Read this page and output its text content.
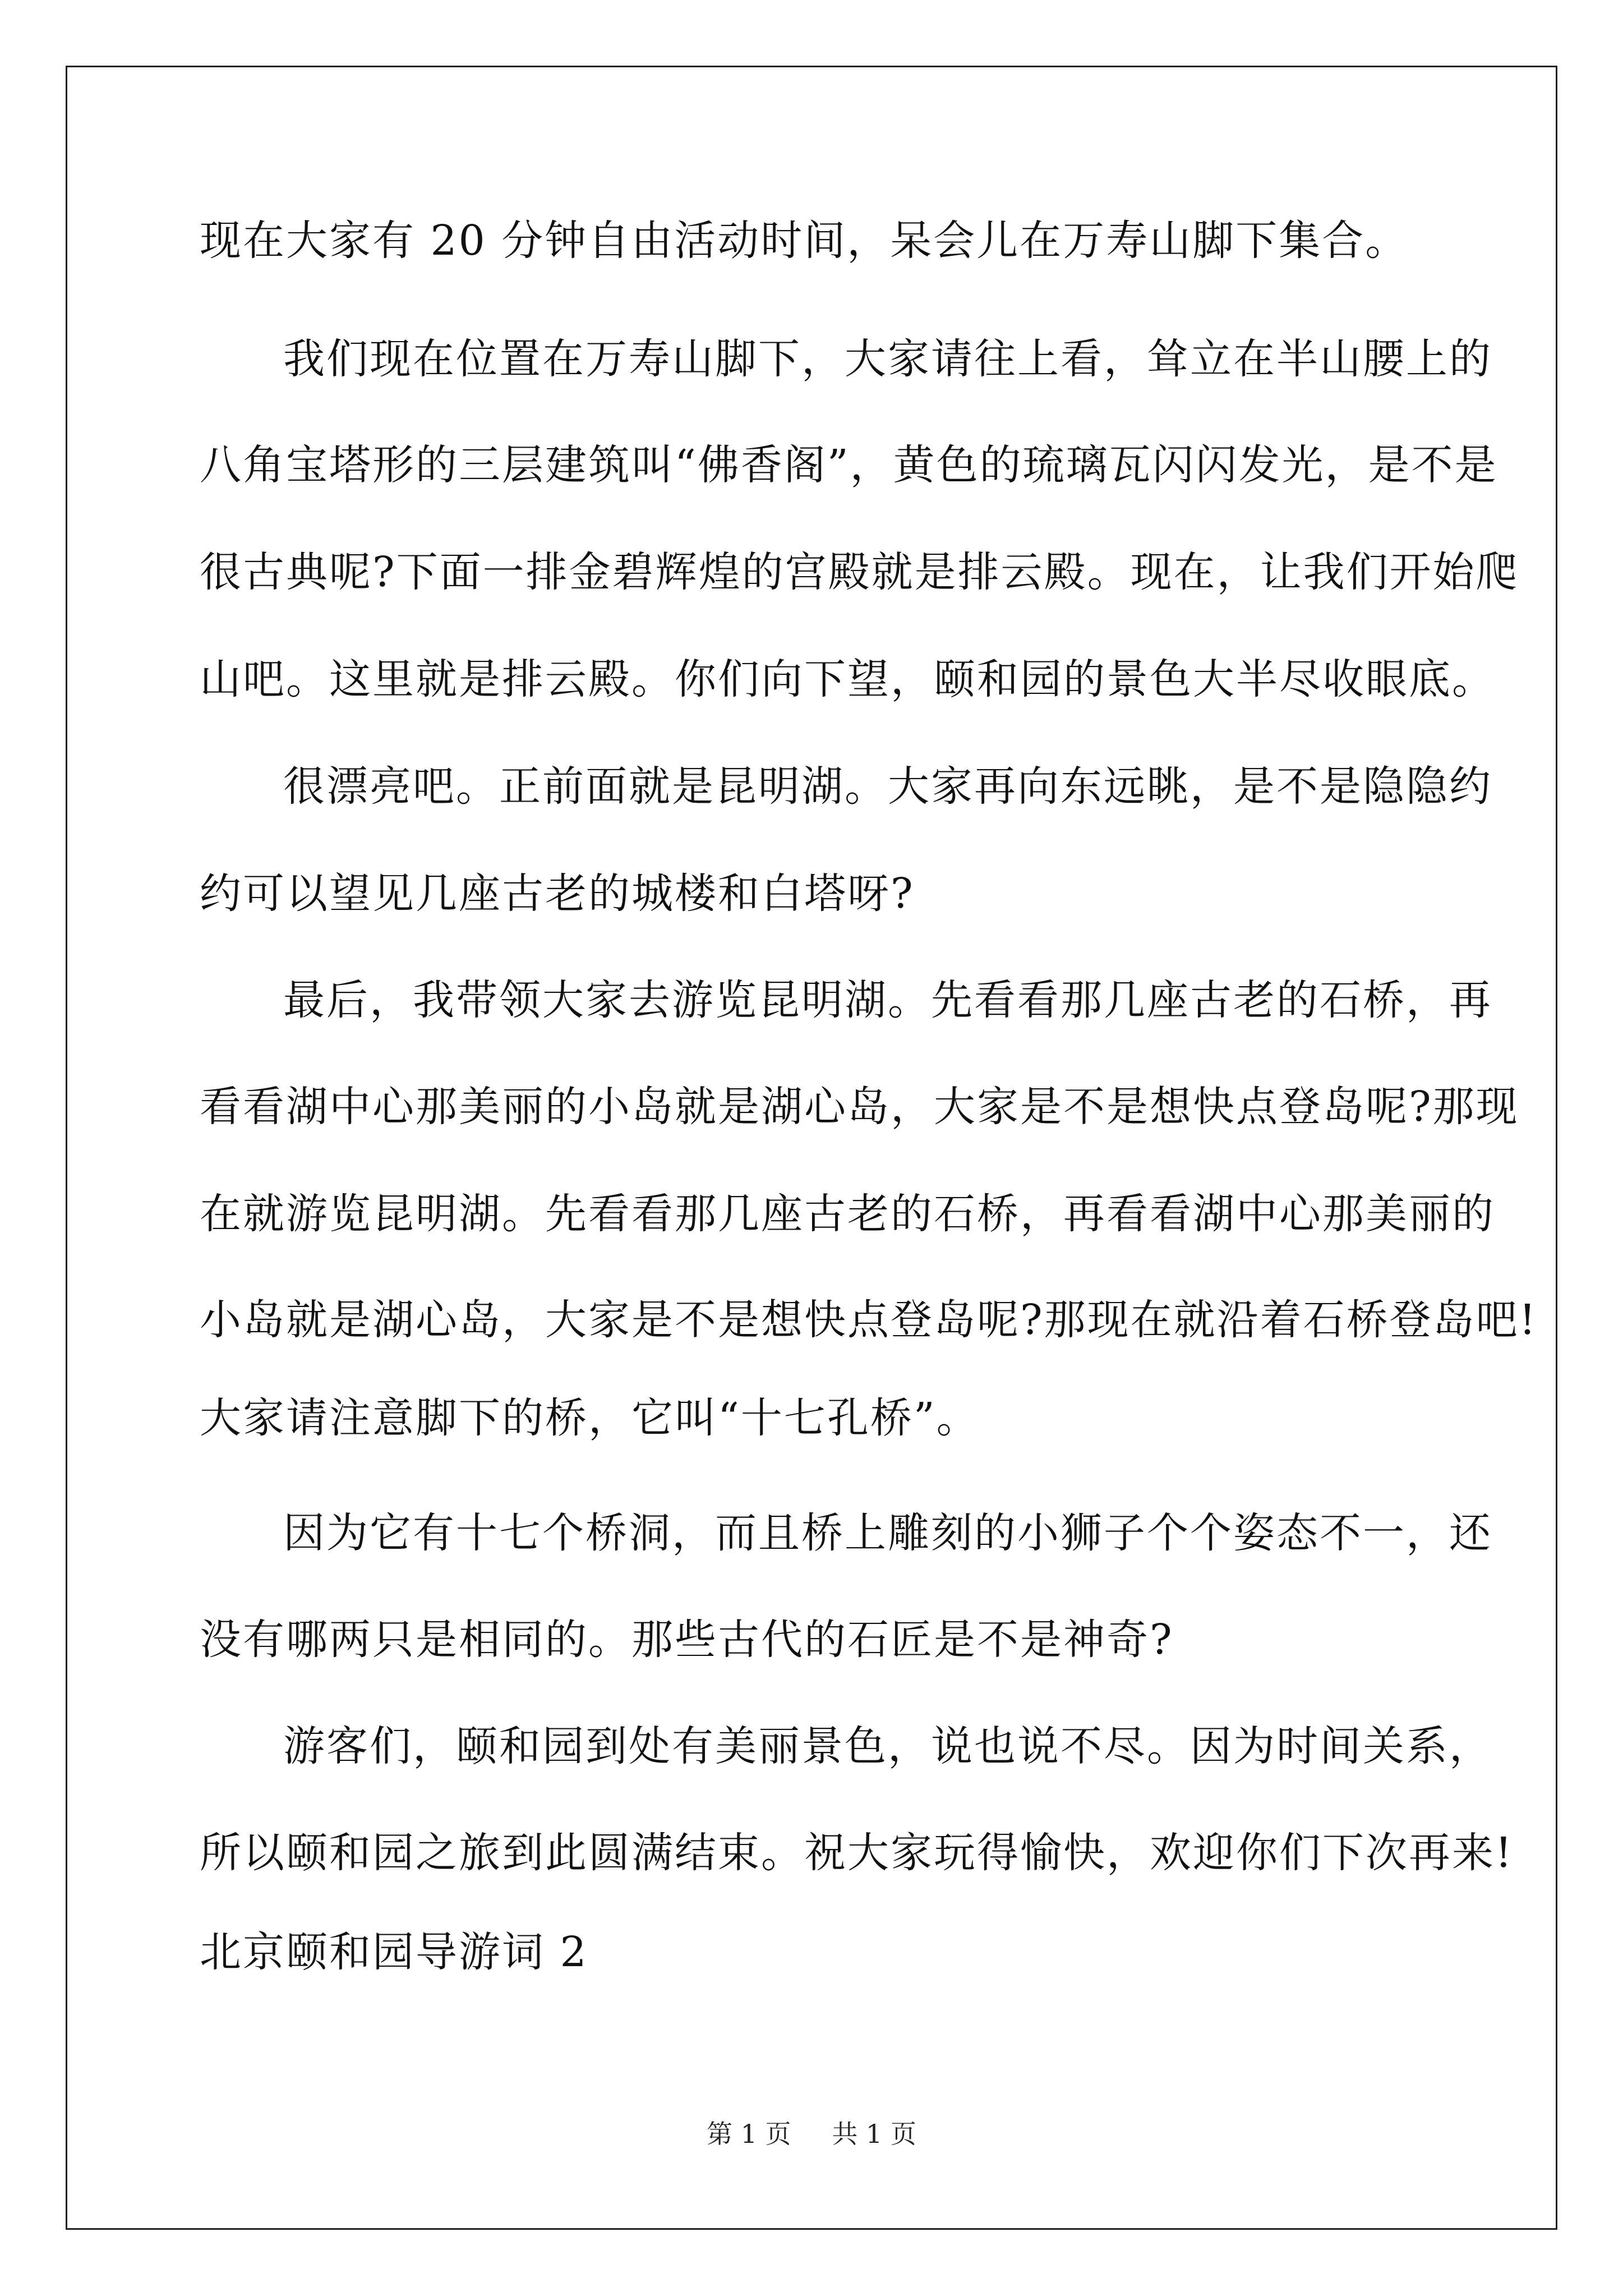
现在大家有 20 分钟自由活动时间，呆会儿在万寿山脚下集合。
我们现在位置在万寿山脚下，大家请往上看，耸立在半山腰上的
八角宝塔形的三层建筑叫“佛香阁”，黄色的琉璃瓦闪闪发光，是不是
很古典呢?下面一排金碧辉煌的宫殿就是排云殿。现在，让我们开始爬
山吧。这里就是排云殿。你们向下望，颐和园的景色大半尽收眼底。
很漂亮吧。正前面就是昆明湖。大家再向东远眺，是不是隐隐约
约可以望见几座古老的城楼和白塔呀?
最后，我带领大家去游览昆明湖。先看看那几座古老的石桥，再
看看湖中心那美丽的小岛就是湖心岛，大家是不是想快点登岛呢?那现
在就游览昆明湖。先看看那几座古老的石桥，再看看湖中心那美丽的
小岛就是湖心岛，大家是不是想快点登岛呢?那现在就沿着石桥登岛吧!
大家请注意脚下的桥，它叫“十七孔桥”。
因为它有十七个桥洞，而且桥上雕刻的小狮子个个姿态不一，还
没有哪两只是相同的。那些古代的石匠是不是神奇?
游客们，颐和园到处有美丽景色，说也说不尽。因为时间关系，
所以颐和园之旅到此圆满结束。祝大家玩得愉快，欢迎你们下次再来!
北京颐和园导游词 2
第 1 页 共 1 页
